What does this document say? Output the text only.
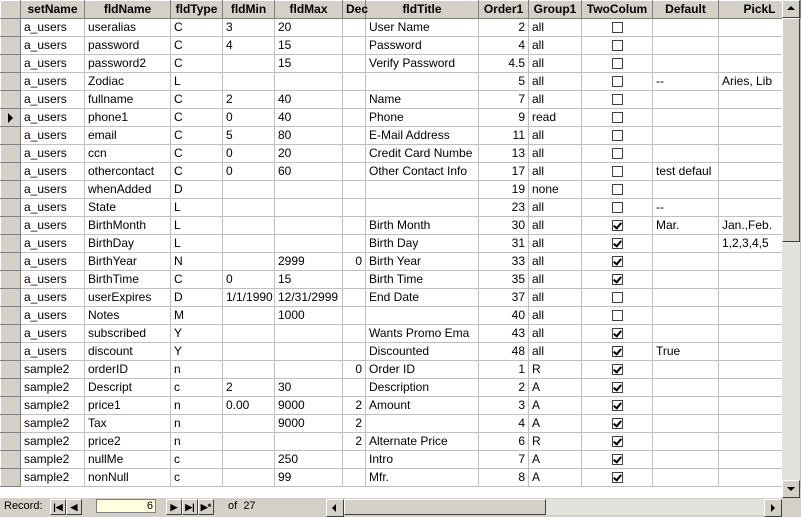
	setName	fldName	fldType	fldMin	fldMax	Dec	fldTitle	Order1	Group1	TwoColum	Default	PickL
	a_users	useralias	C	3	20		User Name	2	all			
	a_users	password	C	4	15		Password	4	all			
	a_users	password2	C		15		Verify Password	4.5	all			
	a_users	Zodiac	L					5	all		--	Aries, Lib
	a_users	fullname	C	2	40		Name	7	all			
	a_users	phone1	C	0	40		Phone	9	read			
	a_users	email	C	5	80		E-Mail Address	11	all			
	a_users	ccn	C	0	20		Credit Card Numbe	13	all			
	a_users	othercontact	C	0	60		Other Contact Info	17	all		test defaul	
	a_users	whenAdded	D					19	none			
	a_users	State	L					23	all		--	
	a_users	BirthMonth	L				Birth Month	30	all		Mar.	Jan.,Feb.
	a_users	BirthDay	L				Birth Day	31	all			1,2,3,4,5
	a_users	BirthYear	N		2999	0	Birth Year	33	all			
	a_users	BirthTime	C	0	15		Birth Time	35	all			
	a_users	userExpires	D	1/1/1990	12/31/2999		End Date	37	all			
	a_users	Notes	M		1000			40	all			
	a_users	subscribed	Y				Wants Promo Ema	43	all			
	a_users	discount	Y				Discounted	48	all		True	
	sample2	orderID	n			0	Order ID	1	R			
	sample2	Descript	c	2	30		Description	2	A			
	sample2	price1	n	0.00	9000	2	Amount	3	A			
	sample2	Tax	n		9000	2		4	A			
	sample2	price2	n			2	Alternate Price	6	R			
	sample2	nullMe	c		250		Intro	7	A			
	sample2	nonNull	c		99		Mfr.	8	A			
Record:	|◀ ◀	6	▶ ▶| ▶* of 27
